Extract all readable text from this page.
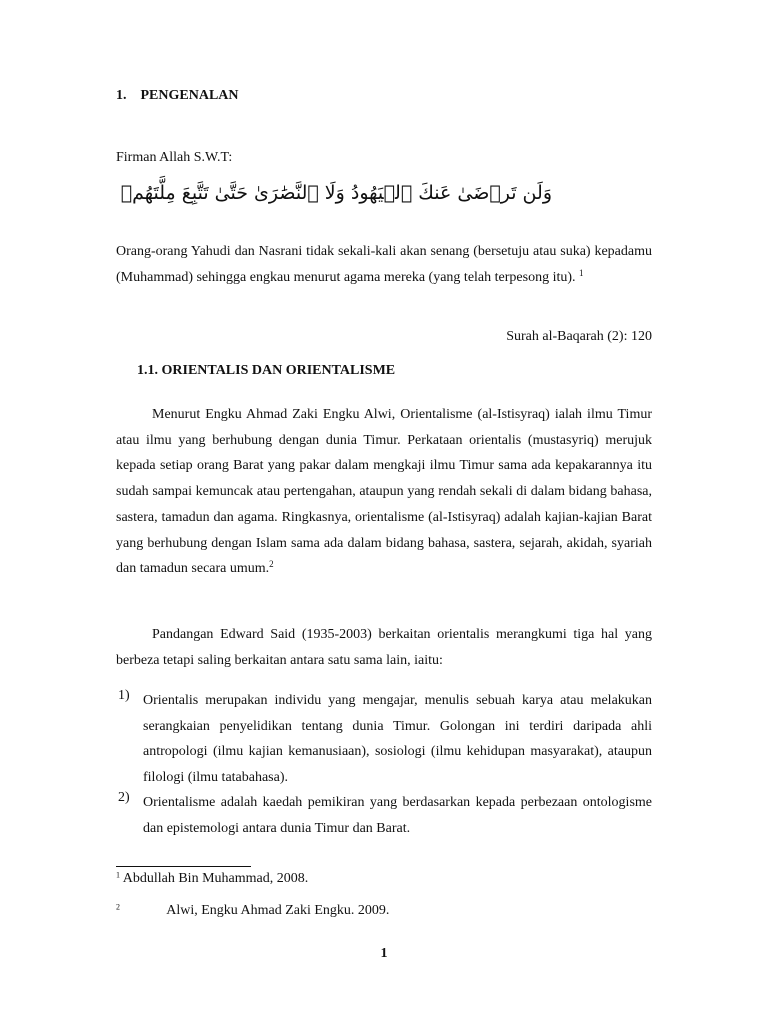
1. PENGENALAN
Firman Allah S.W.T:
وَلَن تَرۡضَىٰ عَنكَ ٱلۡيَهُودُ وَلَا ٱلنَّصَٰرَىٰ حَتَّىٰ تَتَّبِعَ مِلَّتَهُمۡ
Orang-orang Yahudi dan Nasrani tidak sekali-kali akan senang (bersetuju atau suka) kepadamu (Muhammad) sehingga engkau menurut agama mereka (yang telah terpesong itu). $^1$
Surah al-Baqarah (2): 120
1.1. ORIENTALIS DAN ORIENTALISME
Menurut Engku Ahmad Zaki Engku Alwi, Orientalisme (al-Istisyraq) ialah ilmu Timur atau ilmu yang berhubung dengan dunia Timur. Perkataan orientalis (mustasyriq) merujuk kepada setiap orang Barat yang pakar dalam mengkaji ilmu Timur sama ada kepakarannya itu sudah sampai kemuncak atau pertengahan, ataupun yang rendah sekali di dalam bidang bahasa, sastera, tamadun dan agama. Ringkasnya, orientalisme (al-Istisyraq) adalah kajian-kajian Barat yang berhubung dengan Islam sama ada dalam bidang bahasa, sastera, sejarah, akidah, syariah dan tamadun secara umum.$^2$
Pandangan Edward Said (1935-2003) berkaitan orientalis merangkumi tiga hal yang berbeza tetapi saling berkaitan antara satu sama lain, iaitu:
1) Orientalis merupakan individu yang mengajar, menulis sebuah karya atau melakukan serangkaian penyelidikan tentang dunia Timur. Golongan ini terdiri daripada ahli antropologi (ilmu kajian kemanusiaan), sosiologi (ilmu kehidupan masyarakat), ataupun filologi (ilmu tatabahasa).
2) Orientalisme adalah kaedah pemikiran yang berdasarkan kepada perbezaan ontologisme dan epistemologi antara dunia Timur dan Barat.
$^1$ Abdullah Bin Muhammad, 2008.
$^2$	Alwi, Engku Ahmad Zaki Engku. 2009.
1
